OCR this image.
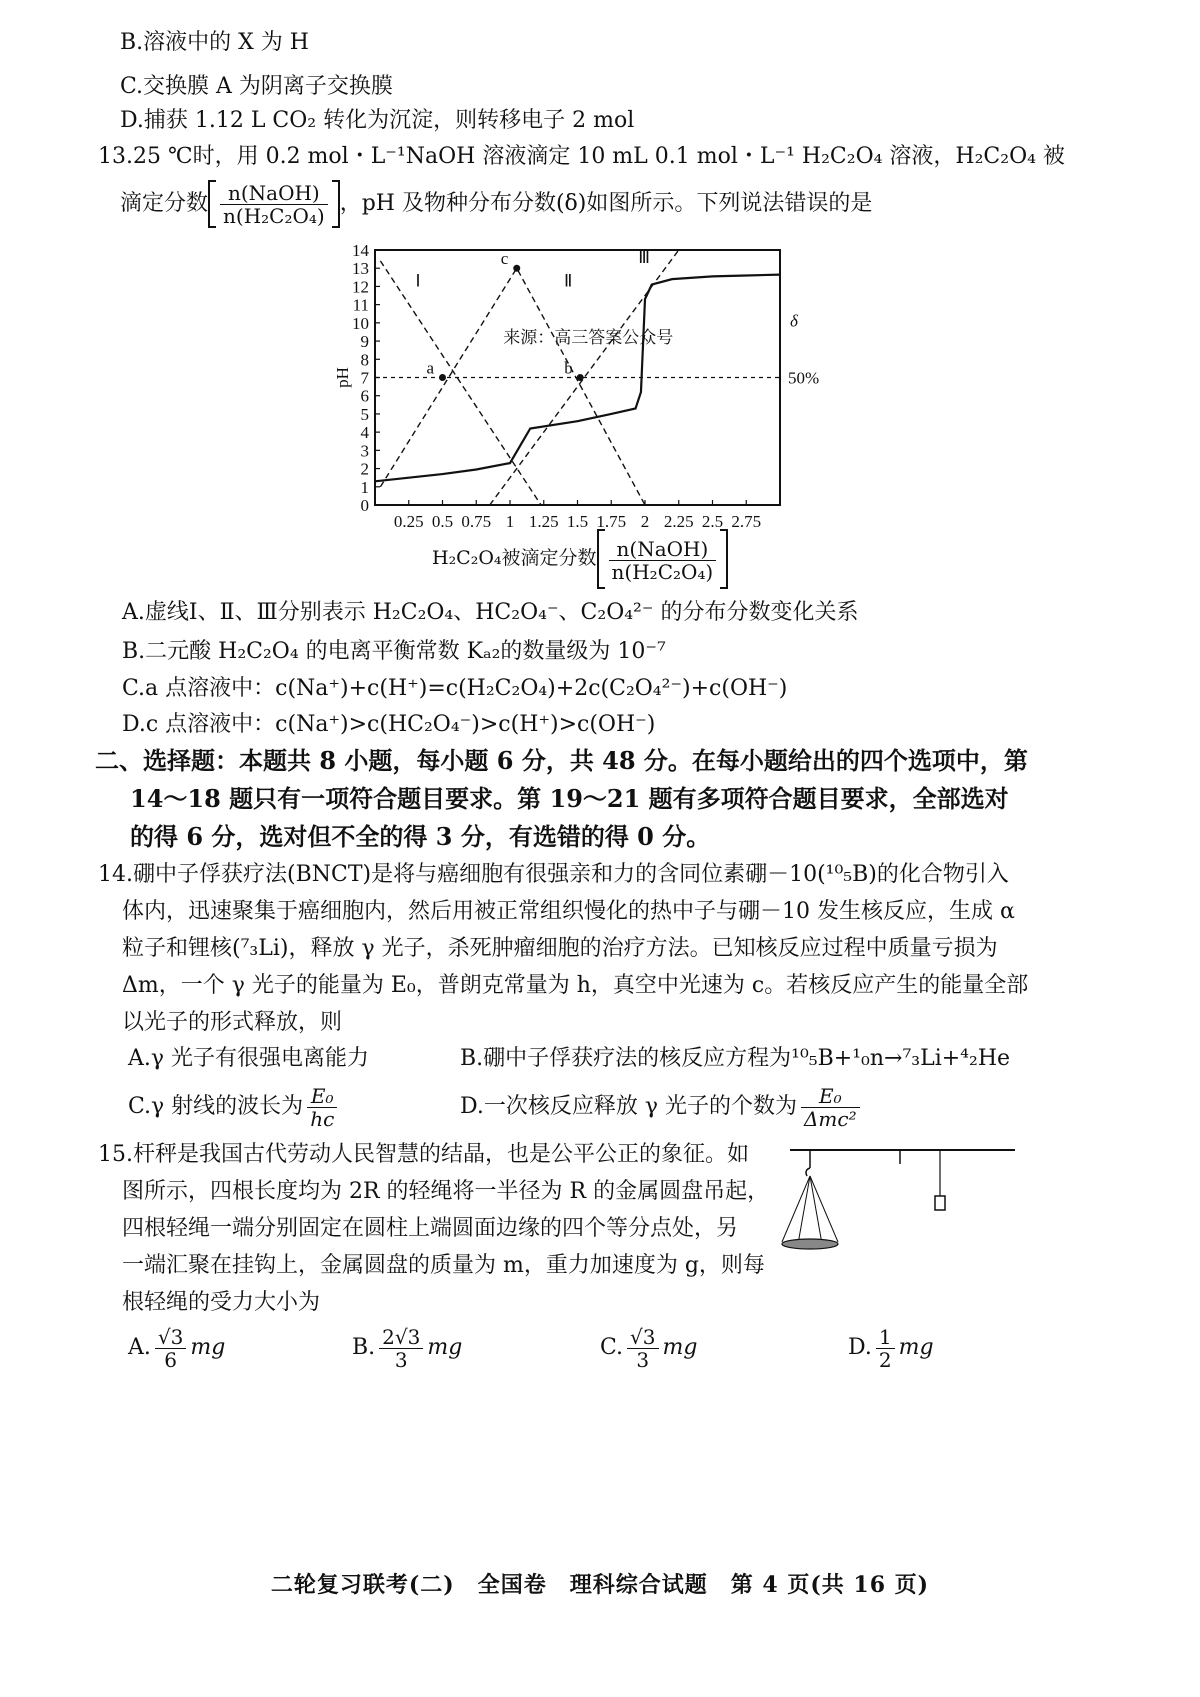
B.溶液中的 X 为 H
C.交换膜 A 为阴离子交换膜
D.捕获 1.12 L CO₂ 转化为沉淀，则转移电子 2 mol
13.25 ℃时，用 0.2 mol・L⁻¹NaOH 溶液滴定 10 mL 0.1 mol・L⁻¹ H₂C₂O₄ 溶液，H₂C₂O₄ 被
滴定分数 $\frac{\text{n(NaOH)}}{\text{n(H₂C₂O₄)}}$ ，pH 及物种分布分数(δ)如图所示。下列说法错误的是
0
1
2
3
4
5
6
7
8
9
10
11
12
13
14
0.25 0.5 0.75 1 1.25 1.5 1.75 2 2.25 2.5 2.75
pH
δ
50%
来源：高三答案公众号
Ⅰ	Ⅱ
Ⅲ
a	b
c
H₂C₂O₄被滴定分数 $\frac{\text{n(NaOH)}}{\text{n(H₂C₂O₄)}}$
A.虚线Ⅰ、Ⅱ、Ⅲ分别表示 H₂C₂O₄、HC₂O₄⁻、C₂O₄²⁻ 的分布分数变化关系
B.二元酸 H₂C₂O₄ 的电离平衡常数 Kₐ₂的数量级为 10⁻⁷
C.a 点溶液中：c(Na⁺)+c(H⁺)=c(H₂C₂O₄)+2c(C₂O₄²⁻)+c(OH⁻)
D.c 点溶液中：c(Na⁺)>c(HC₂O₄⁻)>c(H⁺)>c(OH⁻)
二、选择题：本题共 8 小题，每小题 6 分，共 48 分。在每小题给出的四个选项中，第
14～18 题只有一项符合题目要求。第 19～21 题有多项符合题目要求，全部选对
的得 6 分，选对但不全的得 3 分，有选错的得 0 分。
14.硼中子俘获疗法(BNCT)是将与癌细胞有很强亲和力的含同位素硼－10(¹⁰₅B)的化合物引入
体内，迅速聚集于癌细胞内，然后用被正常组织慢化的热中子与硼－10 发生核反应，生成 α
粒子和锂核(⁷₃Li)，释放 γ 光子，杀死肿瘤细胞的治疗方法。已知核反应过程中质量亏损为
Δm，一个 γ 光子的能量为 E₀，普朗克常量为 h，真空中光速为 c。若核反应产生的能量全部
以光子的形式释放，则
A.γ 光子有很强电离能力	B.硼中子俘获疗法的核反应方程为¹⁰₅B+¹₀n→⁷₃Li+⁴₂He
C.γ 射线的波长为 $\frac{\text{E₀}}{hc}$	D.一次核反应释放 γ 光子的个数为 $\frac{\text{E₀}}{\text{Δmc²}}$
15.杆秤是我国古代劳动人民智慧的结晶，也是公平公正的象征。如
图所示，四根长度均为 2R 的轻绳将一半径为 R 的金属圆盘吊起，
四根轻绳一端分别固定在圆柱上端圆面边缘的四个等分点处，另
一端汇聚在挂钩上，金属圆盘的质量为 m，重力加速度为 g，则每
根轻绳的受力大小为
A. $\frac{√3}{6}$ mg	B. $\frac{2√3}{3}$ mg	C. $\frac{√3}{3}$ mg	D. $\frac{1}{2}$ mg
二轮复习联考(二)　全国卷　理科综合试题　第 4 页(共 16 页)
